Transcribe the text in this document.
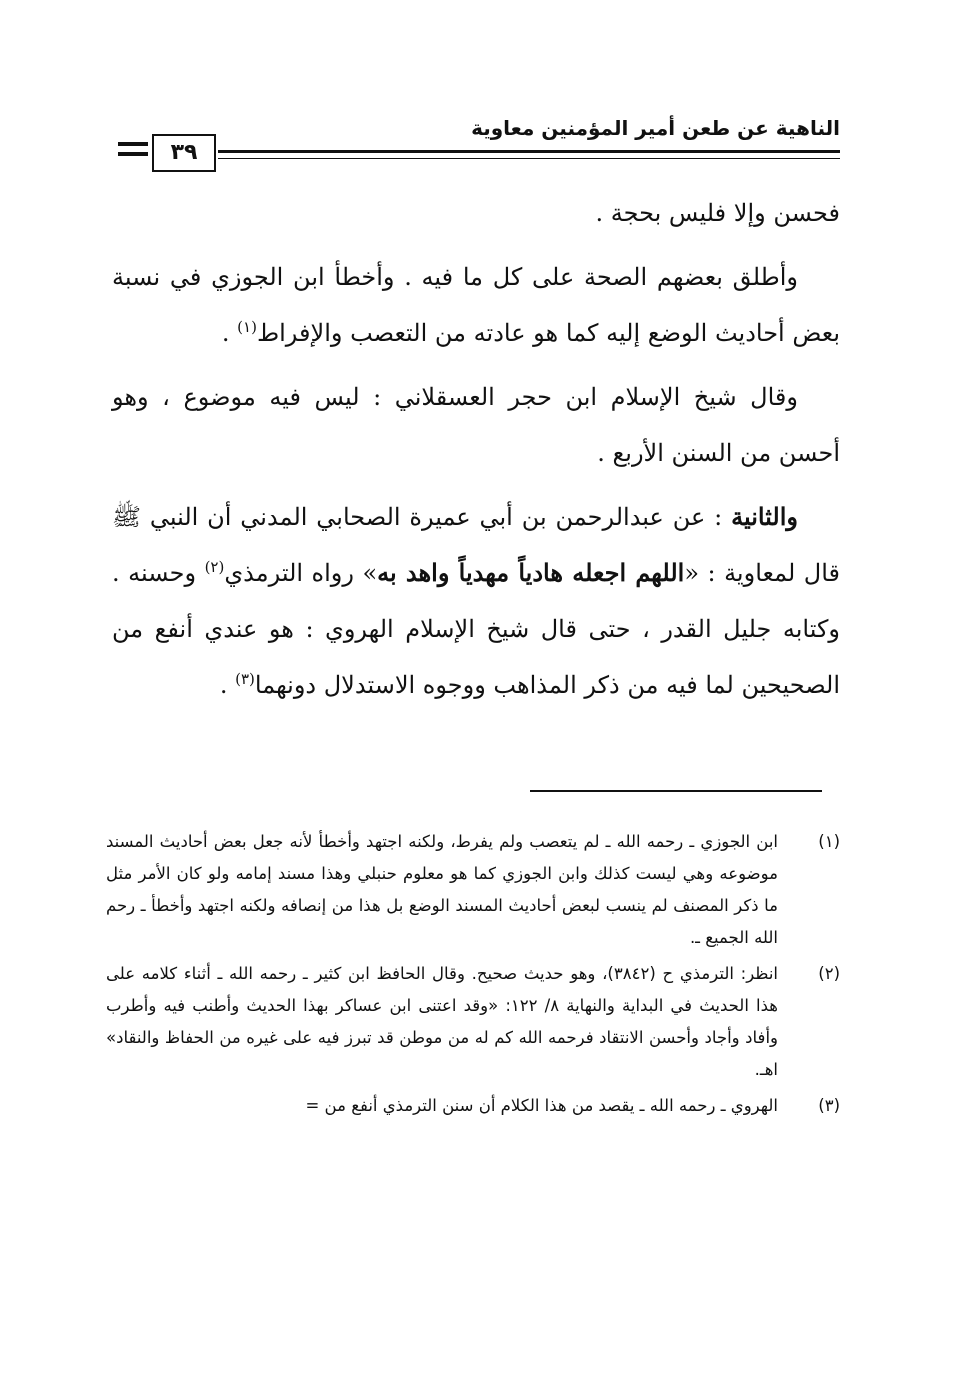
الناهية عن طعن أمير المؤمنين معاوية
٣٩

فحسن وإلا فليس بحجة .

وأطلق بعضهم الصحة على كل ما فيه . وأخطأ ابن الجوزي في نسبة بعض أحاديث الوضع إليه كما هو عادته من التعصب والإفراط$^{(١)}$ .

وقال شيخ الإسلام ابن حجر العسقلاني : ليس فيه موضوع ، وهو أحسن من السنن الأربع .

والثانية : عن عبدالرحمن بن أبي عميرة الصحابي المدني أن النبي ﷺ قال لمعاوية : «اللهم اجعله هادياً مهدياً واهد به» رواه الترمذي$^{(٢)}$ وحسنه . وكتابه جليل القدر ، حتى قال شيخ الإسلام الهروي : هو عندي أنفع من الصحيحين لما فيه من ذكر المذاهب ووجوه الاستدلال دونهما$^{(٣)}$ .

(١)
ابن الجوزي ـ رحمه الله ـ لم يتعصب ولم يفرط، ولكنه اجتهد وأخطأ لأنه جعل بعض أحاديث المسند موضوعه وهي ليست كذلك وابن الجوزي كما هو معلوم حنبلي وهذا مسند إمامه ولو كان الأمر مثل ما ذكر المصنف لم ينسب لبعض أحاديث المسند الوضع بل هذا من إنصافه ولكنه اجتهد وأخطأ ـ رحم الله الجميع ـ.
(٢)
انظر: الترمذي ح (٣٨٤٢)، وهو حديث صحيح. وقال الحافظ ابن كثير ـ رحمه الله ـ أثناء كلامه على هذا الحديث في البداية والنهاية ٨/ ١٢٢: «وقد اعتنى ابن عساكر بهذا الحديث وأطنب فيه وأطرب وأفاد وأجاد وأحسن الانتقاد فرحمه الله كم له من موطن قد تبرز فيه على غيره من الحفاظ والنقاد» اهـ.
(٣)
الهروي ـ رحمه الله ـ يقصد من هذا الكلام أن سنن الترمذي أنفع من =
